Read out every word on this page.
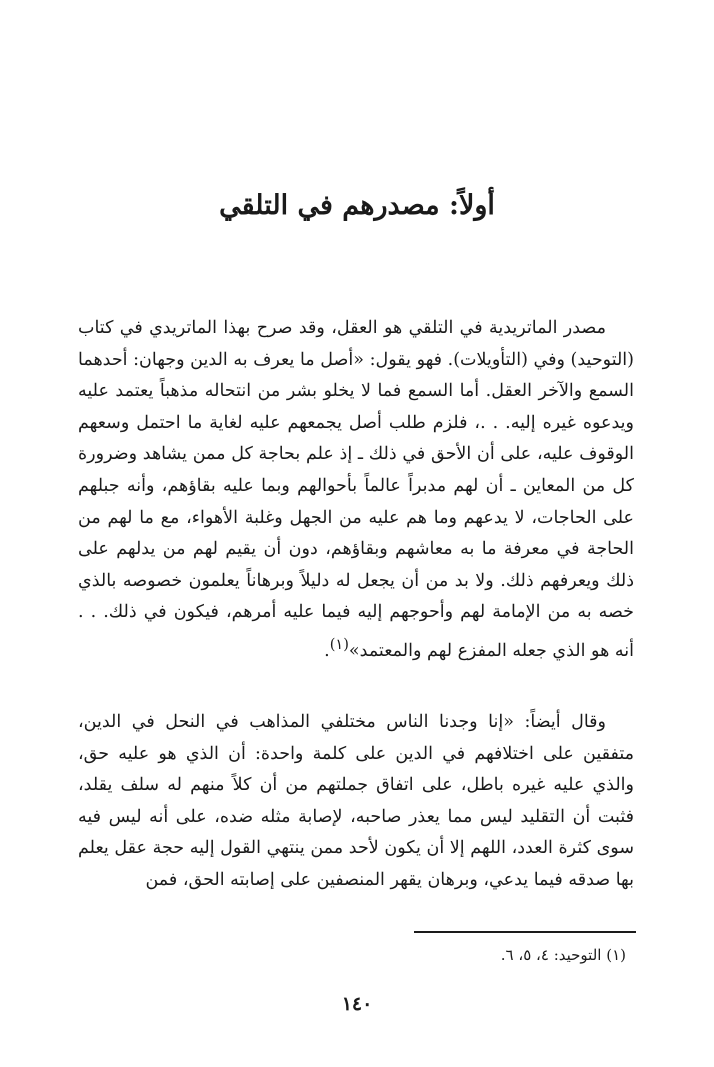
أولاً: مصدرهم في التلقي

مصدر الماتريدية في التلقي هو العقل، وقد صرح بهذا الماتريدي في كتاب (التوحيد) وفي (التأويلات). فهو يقول: «أصل ما يعرف به الدين وجهان: أحدهما السمع والآخر العقل. أما السمع فما لا يخلو بشر من انتحاله مذهباً يعتمد عليه ويدعوه غيره إليه. . .، فلزم طلب أصل يجمعهم عليه لغاية ما احتمل وسعهم الوقوف عليه، على أن الأحق في ذلك ـ إذ علم بحاجة كل ممن يشاهد وضرورة كل من المعاين ـ أن لهم مدبراً عالماً بأحوالهم وبما عليه بقاؤهم، وأنه جبلهم على الحاجات، لا يدعهم وما هم عليه من الجهل وغلبة الأهواء، مع ما لهم من الحاجة في معرفة ما به معاشهم وبقاؤهم، دون أن يقيم لهم من يدلهم على ذلك ويعرفهم ذلك. ولا بد من أن يجعل له دليلاً وبرهاناً يعلمون خصوصه بالذي خصه به من الإمامة لهم وأحوجهم إليه فيما عليه أمرهم، فيكون في ذلك. . . أنه هو الذي جعله المفزع لهم والمعتمد»$^{(١)}$.

وقال أيضاً: «إنا وجدنا الناس مختلفي المذاهب في النحل في الدين، متفقين على اختلافهم في الدين على كلمة واحدة: أن الذي هو عليه حق، والذي عليه غيره باطل، على اتفاق جملتهم من أن كلاً منهم له سلف يقلد، فثبت أن التقليد ليس مما يعذر صاحبه، لإصابة مثله ضده، على أنه ليس فيه سوى كثرة العدد، اللهم إلا أن يكون لأحد ممن ينتهي القول إليه حجة عقل يعلم بها صدقه فيما يدعي، وبرهان يقهر المنصفين على إصابته الحق، فمن

(١) التوحيد: ٤، ٥، ٦.
١٤٠
